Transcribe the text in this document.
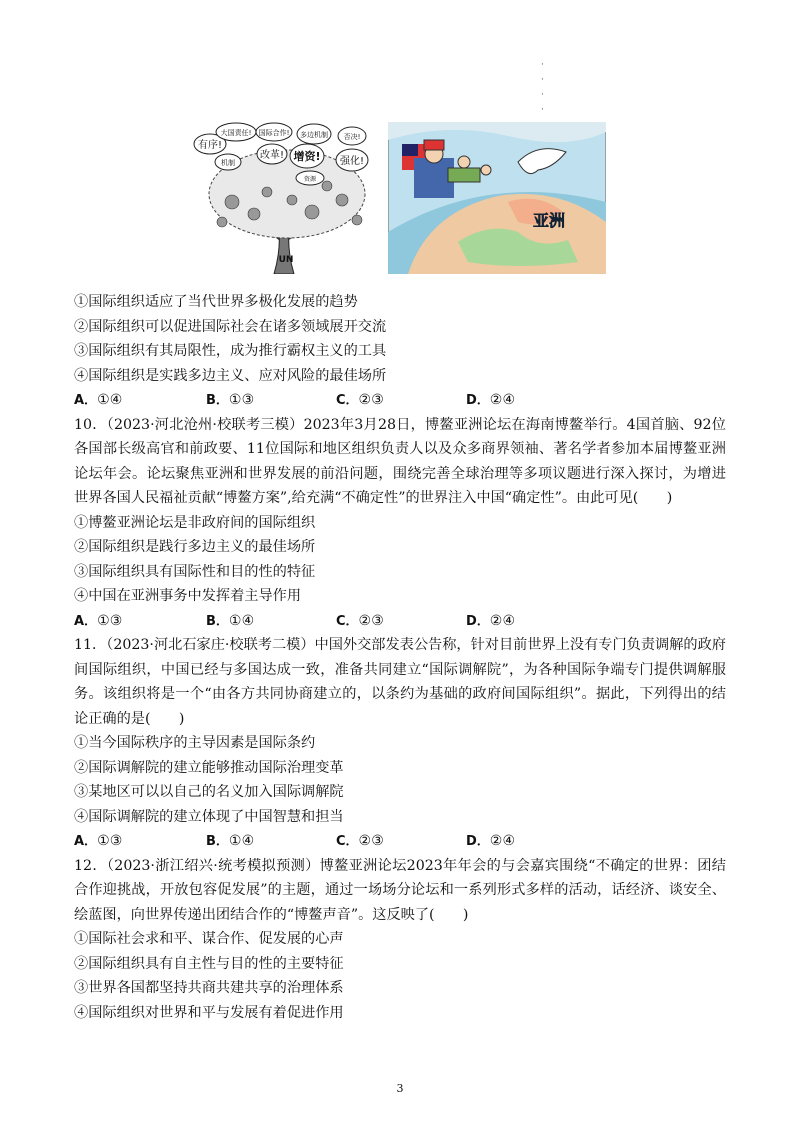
·
·
·
·
有序!
大国责任! 国际合作! 多边机制
改革! 增资! 强化!
否决!
机制
资源
UN
亚洲
①国际组织适应了当代世界多极化发展的趋势
②国际组织可以促进国际社会在诸多领域展开交流
③国际组织有其局限性，成为推行霸权主义的工具
④国际组织是实践多边主义、应对风险的最佳场所
A．①④	B．①③	C．②③	D．②④
10．（2023·河北沧州·校联考三模）2023年3月28日，博鳌亚洲论坛在海南博鳌举行。4国首脑、92位各国部长级高官和前政要、11位国际和地区组织负责人以及众多商界领袖、著名学者参加本届博鳌亚洲论坛年会。论坛聚焦亚洲和世界发展的前沿问题，围绕完善全球治理等多项议题进行深入探讨，为增进世界各国人民福祉贡献“博鳌方案”,给充满“不确定性”的世界注入中国“确定性”。由此可见(　　)
①博鳌亚洲论坛是非政府间的国际组织
②国际组织是践行多边主义的最佳场所
③国际组织具有国际性和目的性的特征
④中国在亚洲事务中发挥着主导作用
A．①③	B．①④	C．②③	D．②④
11．（2023·河北石家庄·校联考二模）中国外交部发表公告称，针对目前世界上没有专门负责调解的政府间国际组织，中国已经与多国达成一致，准备共同建立“国际调解院”，为各种国际争端专门提供调解服务。该组织将是一个“由各方共同协商建立的，以条约为基础的政府间国际组织”。据此，下列得出的结论正确的是(　　)
①当今国际秩序的主导因素是国际条约
②国际调解院的建立能够推动国际治理变革
③某地区可以以自己的名义加入国际调解院
④国际调解院的建立体现了中国智慧和担当
A．①③	B．①④	C．②③	D．②④
12．（2023·浙江绍兴·统考模拟预测）博鳌亚洲论坛2023年年会的与会嘉宾围绕“不确定的世界：团结合作迎挑战，开放包容促发展”的主题，通过一场场分论坛和一系列形式多样的活动，话经济、谈安全、绘蓝图，向世界传递出团结合作的“博鳌声音”。这反映了(　　)
①国际社会求和平、谋合作、促发展的心声
②国际组织具有自主性与目的性的主要特征
③世界各国都坚持共商共建共享的治理体系
④国际组织对世界和平与发展有着促进作用
3
